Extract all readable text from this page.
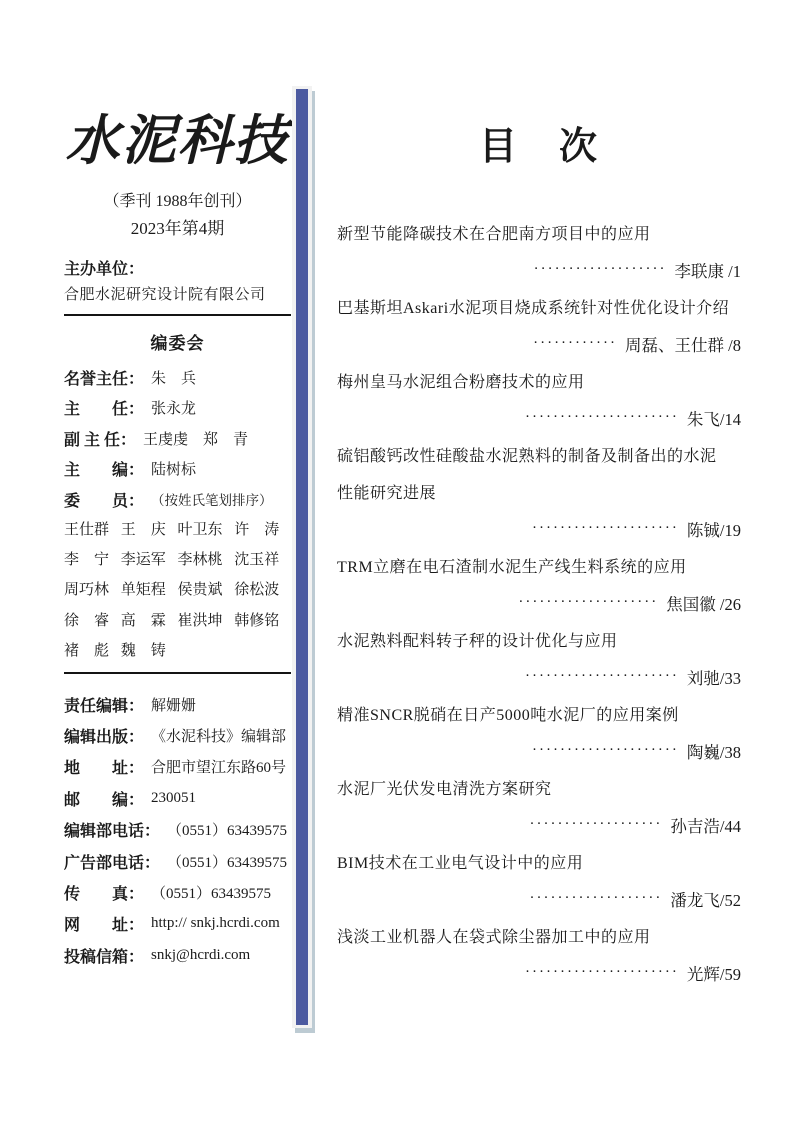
水泥科技
（季刊 1988年创刊）
2023年第4期
主办单位：
合肥水泥研究设计院有限公司
编委会
名誉主任： 朱　兵
主　　任： 张永龙
副 主 任： 王虔虔　郑　青
主　　编： 陆树标
委　　员： （按姓氏笔划排序）
王仕群 王　庆 叶卫东 许　涛
李　宁 李运军 李林桃 沈玉祥
周巧林 单矩程 侯贵斌 徐松波
徐　睿 高　霖 崔洪坤 韩修铭
褚　彪 魏　铸
责任编辑： 解姗姗
编辑出版： 《水泥科技》编辑部
地　　址： 合肥市望江东路60号
邮　　编： 230051
编辑部电话： （0551）63439575
广告部电话： （0551）63439575
传　　真： （0551）63439575
网　　址： http:// snkj.hcrdi.com
投稿信箱： snkj@hcrdi.com
目　次
新型节能降碳技术在合肥南方项目中的应用
··················· 李联康 /1
巴基斯坦Askari水泥项目烧成系统针对性优化设计介绍
············ 周磊、王仕群 /8
梅州皇马水泥组合粉磨技术的应用
······················ 朱飞/14
硫铝酸钙改性硅酸盐水泥熟料的制备及制备出的水泥
性能研究进展
····················· 陈铖/19
TRM立磨在电石渣制水泥生产线生料系统的应用
···················· 焦国徽 /26
水泥熟料配料转子秤的设计优化与应用
······················ 刘驰/33
精准SNCR脱硝在日产5000吨水泥厂的应用案例
····················· 陶巍/38
水泥厂光伏发电清洗方案研究
··················· 孙吉浩/44
BIM技术在工业电气设计中的应用
··················· 潘龙飞/52
浅淡工业机器人在袋式除尘器加工中的应用
······················ 光辉/59
